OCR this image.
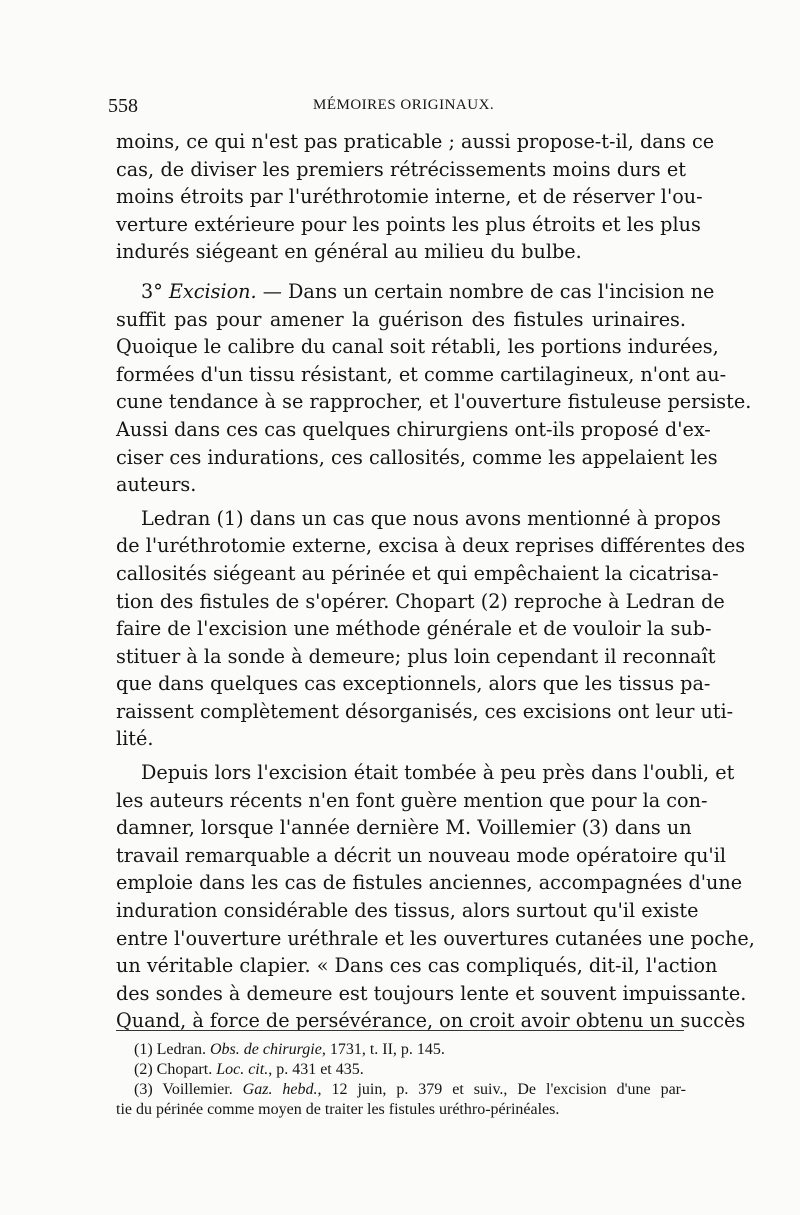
558	MÉMOIRES ORIGINAUX.
moins, ce qui n'est pas praticable ; aussi propose-t-il, dans ce
cas, de diviser les premiers rétrécissements moins durs et
moins étroits par l'uréthrotomie interne, et de réserver l'ou-
verture extérieure pour les points les plus étroits et les plus
indurés siégeant en général au milieu du bulbe.
3° Excision. — Dans un certain nombre de cas l'incision ne
suffit pas pour amener la guérison des fistules urinaires.
Quoique le calibre du canal soit rétabli, les portions indurées,
formées d'un tissu résistant, et comme cartilagineux, n'ont au-
cune tendance à se rapprocher, et l'ouverture fistuleuse persiste.
Aussi dans ces cas quelques chirurgiens ont-ils proposé d'ex-
ciser ces indurations, ces callosités, comme les appelaient les
auteurs.
Ledran (1) dans un cas que nous avons mentionné à propos
de l'uréthrotomie externe, excisa à deux reprises différentes des
callosités siégeant au périnée et qui empêchaient la cicatrisa-
tion des fistules de s'opérer. Chopart (2) reproche à Ledran de
faire de l'excision une méthode générale et de vouloir la sub-
stituer à la sonde à demeure; plus loin cependant il reconnaît
que dans quelques cas exceptionnels, alors que les tissus pa-
raissent complètement désorganisés, ces excisions ont leur uti-
lité.
Depuis lors l'excision était tombée à peu près dans l'oubli, et
les auteurs récents n'en font guère mention que pour la con-
damner, lorsque l'année dernière M. Voillemier (3) dans un
travail remarquable a décrit un nouveau mode opératoire qu'il
emploie dans les cas de fistules anciennes, accompagnées d'une
induration considérable des tissus, alors surtout qu'il existe
entre l'ouverture uréthrale et les ouvertures cutanées une poche,
un véritable clapier. « Dans ces cas compliqués, dit-il, l'action
des sondes à demeure est toujours lente et souvent impuissante.
Quand, à force de persévérance, on croit avoir obtenu un succès
(1) Ledran. Obs. de chirurgie, 1731, t. II, p. 145.
(2) Chopart. Loc. cit., p. 431 et 435.
(3) Voillemier. Gaz. hebd., 12 juin, p. 379 et suiv., De l'excision d'une par-
tie du périnée comme moyen de traiter les fistules uréthro-périnéales.
